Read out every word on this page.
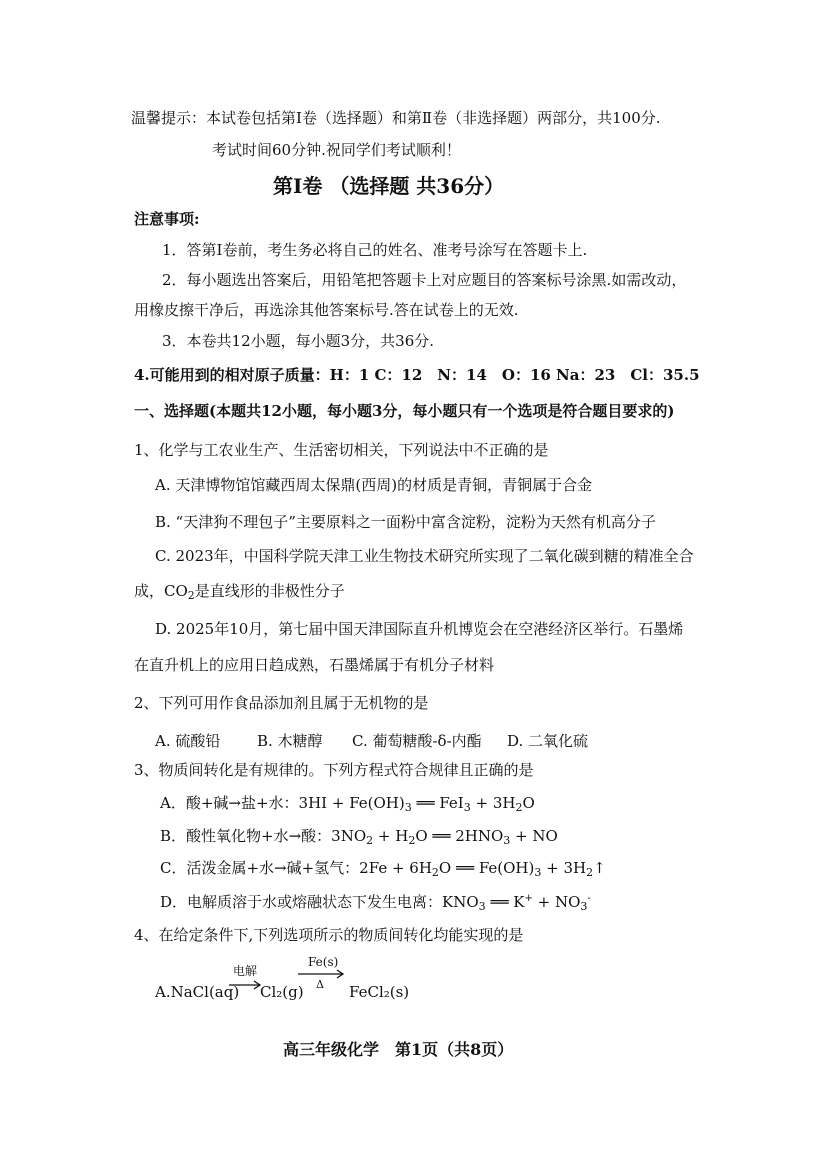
温馨提示：本试卷包括第Ⅰ卷（选择题）和第Ⅱ卷（非选择题）两部分，共100分.
考试时间60分钟.祝同学们考试顺利！
第Ⅰ卷 （选择题 共36分）
注意事项:
1．答第Ⅰ卷前，考生务必将自己的姓名、准考号涂写在答题卡上.
2．每小题选出答案后，用铅笔把答题卡上对应题目的答案标号涂黑.如需改动，
用橡皮擦干净后，再选涂其他答案标号.答在试卷上的无效.
3．本卷共12小题，每小题3分，共36分.
4.可能用到的相对原子质量：H：1 C：12　N：14　O：16 Na：23　Cl：35.5
一、选择题(本题共12小题，每小题3分，每小题只有一个选项是符合题目要求的)
1、化学与工农业生产、生活密切相关，下列说法中不正确的是
A. 天津博物馆馆藏西周太保鼎(西周)的材质是青铜，青铜属于合金
B. “天津狗不理包子”主要原料之一面粉中富含淀粉，淀粉为天然有机高分子
C. 2023年，中国科学院天津工业生物技术研究所实现了二氧化碳到糖的精准全合
成，$CO_2$是直线形的非极性分子
D. 2025年10月，第七届中国天津国际直升机博览会在空港经济区举行。石墨烯
在直升机上的应用日趋成熟，石墨烯属于有机分子材料
2、下列可用作食品添加剂且属于无机物的是
A. 硫酸铅 B. 木糖醇 C. 葡萄糖酸-δ-内酯 D. 二氧化硫
3、物质间转化是有规律的。下列方程式符合规律且正确的是
A．酸+碱→盐+水：$3HI + Fe(OH)_3$ ══ $FeI_3 + 3H_2O$
B．酸性氧化物+水→酸：$3NO_2 + H_2O$ ══ $2HNO_3$ + NO
C．活泼金属+水→碱+氢气：$2Fe + 6H_2O$ ══ $Fe(OH)_3$ + $3H_2↑$
D．电解质溶于水或熔融状态下发生电离：$KNO_3$ ══ $K^+ + NO_3^-$
4、在给定条件下,下列选项所示的物质间转化均能实现的是
A.NaCl(aq)
电解
Cl₂(g)
Fe(s)
Δ FeCl₂(s)
高三年级化学　第1页（共8页）
